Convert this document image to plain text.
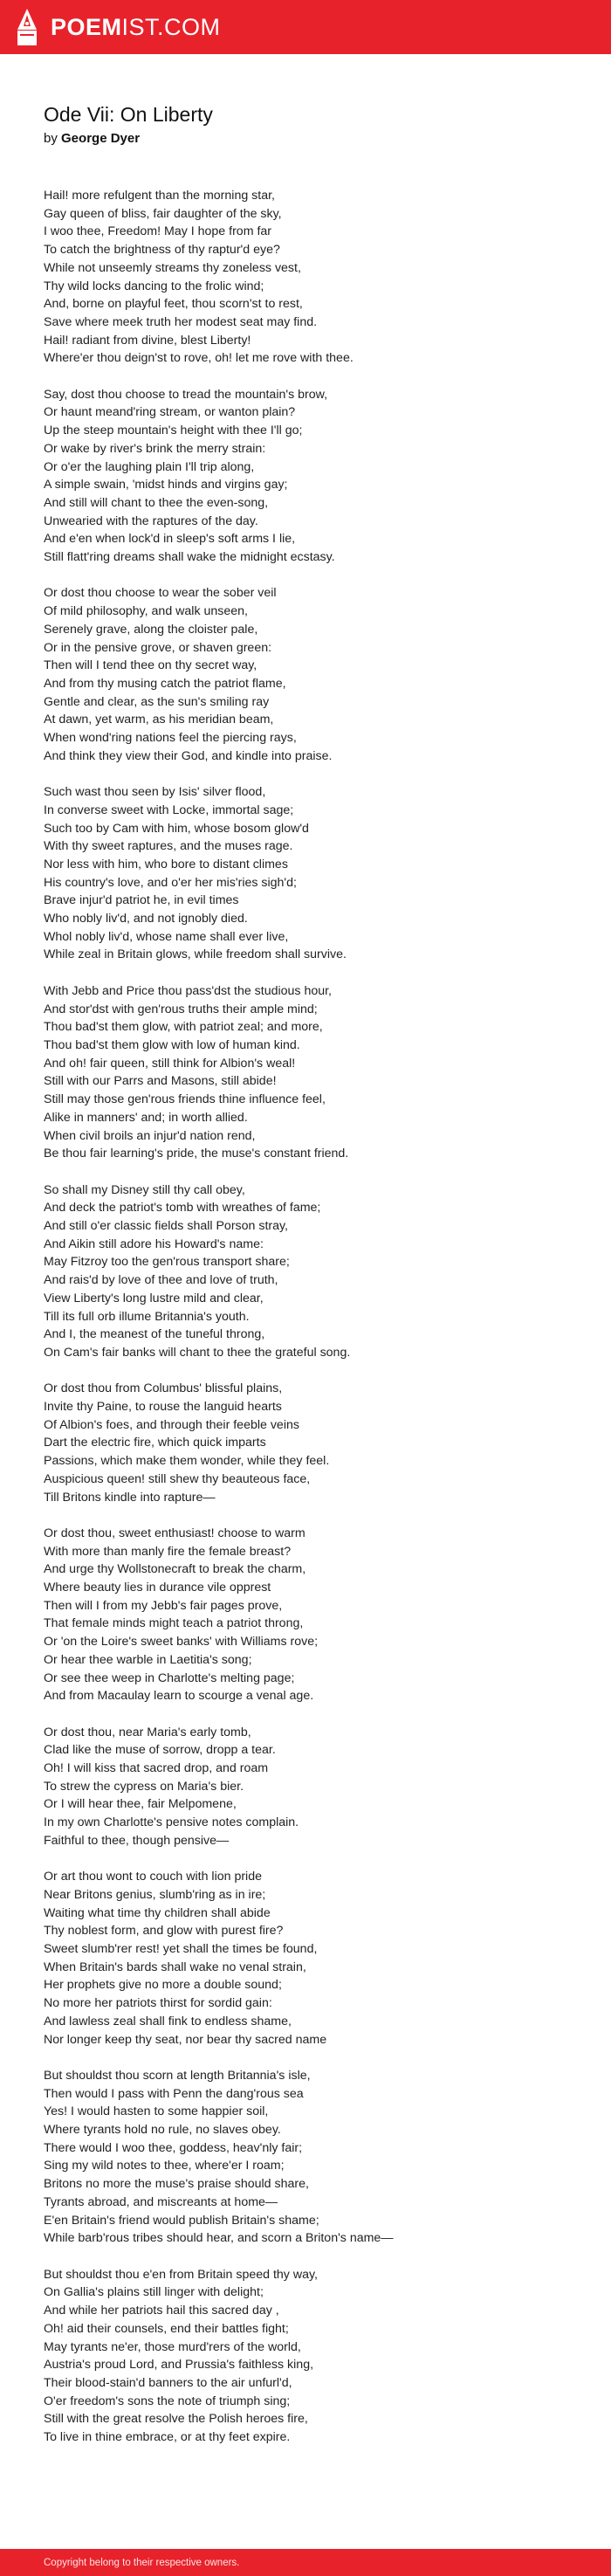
POEMIST.COM
Ode Vii: On Liberty
by George Dyer

Hail! more refulgent than the morning star,
Gay queen of bliss, fair daughter of the sky,
I woo thee, Freedom! May I hope from far
To catch the brightness of thy raptur'd eye?
While not unseemly streams thy zoneless vest,
Thy wild locks dancing to the frolic wind;
And, borne on playful feet, thou scorn'st to rest,
Save where meek truth her modest seat may find.
Hail! radiant from divine, blest Liberty!
Where'er thou deign'st to rove, oh! let me rove with thee.

Say, dost thou choose to tread the mountain's brow,
Or haunt meand'ring stream, or wanton plain?
Up the steep mountain's height with thee I'll go;
Or wake by river's brink the merry strain:
Or o'er the laughing plain I'll trip along,
A simple swain, 'midst hinds and virgins gay;
And still will chant to thee the even-song,
Unwearied with the raptures of the day.
And e'en when lock'd in sleep's soft arms I lie,
Still flatt'ring dreams shall wake the midnight ecstasy.

Or dost thou choose to wear the sober veil
Of mild philosophy, and walk unseen,
Serenely grave, along the cloister pale,
Or in the pensive grove, or shaven green:
Then will I tend thee on thy secret way,
And from thy musing catch the patriot flame,
Gentle and clear, as the sun's smiling ray
At dawn, yet warm, as his meridian beam,
When wond'ring nations feel the piercing rays,
And think they view their God, and kindle into praise.

Such wast thou seen by Isis' silver flood,
In converse sweet with Locke, immortal sage;
Such too by Cam with him, whose bosom glow'd
With thy sweet raptures, and the muses rage.
Nor less with him, who bore to distant climes
His country's love, and o'er her mis'ries sigh'd;
Brave injur'd patriot he, in evil times
Who nobly liv'd, and not ignobly died.
Whol nobly liv'd, whose name shall ever live,
While zeal in Britain glows, while freedom shall survive.

With Jebb and Price thou pass'dst the studious hour,
And stor'dst with gen'rous truths their ample mind;
Thou bad'st them glow, with patriot zeal; and more,
Thou bad'st them glow with low of human kind.
And oh! fair queen, still think for Albion's weal!
Still with our Parrs and Masons, still abide!
Still may those gen'rous friends thine influence feel,
Alike in manners' and; in worth allied.
When civil broils an injur'd nation rend,
Be thou fair learning's pride, the muse's constant friend.

So shall my Disney still thy call obey,
And deck the patriot's tomb with wreathes of fame;
And still o'er classic fields shall Porson stray,
And Aikin still adore his Howard's name:
May Fitzroy too the gen'rous transport share;
And rais'd by love of thee and love of truth,
View Liberty's long lustre mild and clear,
Till its full orb illume Britannia's youth.
And I, the meanest of the tuneful throng,
On Cam's fair banks will chant to thee the grateful song.

Or dost thou from Columbus' blissful plains,
Invite thy Paine, to rouse the languid hearts
Of Albion's foes, and through their feeble veins
Dart the electric fire, which quick imparts
Passions, which make them wonder, while they feel.
Auspicious queen! still shew thy beauteous face,
Till Britons kindle into rapture—

Or dost thou, sweet enthusiast! choose to warm
With more than manly fire the female breast?
And urge thy Wollstonecraft to break the charm,
Where beauty lies in durance vile opprest
Then will I from my Jebb's fair pages prove,
That female minds might teach a patriot throng,
Or 'on the Loire's sweet banks' with Williams rove;
Or hear thee warble in Laetitia's song;
Or see thee weep in Charlotte's melting page;
And from Macaulay learn to scourge a venal age.

Or dost thou, near Maria's early tomb,
Clad like the muse of sorrow, dropp a tear.
Oh! I will kiss that sacred drop, and roam
To strew the cypress on Maria's bier.
Or I will hear thee, fair Melpomene,
In my own Charlotte's pensive notes complain.
Faithful to thee, though pensive—

Or art thou wont to couch with lion pride
Near Britons genius, slumb'ring as in ire;
Waiting what time thy children shall abide
Thy noblest form, and glow with purest fire?
Sweet slumb'rer rest! yet shall the times be found,
When Britain's bards shall wake no venal strain,
Her prophets give no more a double sound;
No more her patriots thirst for sordid gain:
And lawless zeal shall fink to endless shame,
Nor longer keep thy seat, nor bear thy sacred name

But shouldst thou scorn at length Britannia's isle,
Then would I pass with Penn the dang'rous sea
Yes! I would hasten to some happier soil,
Where tyrants hold no rule, no slaves obey.
There would I woo thee, goddess, heav'nly fair;
Sing my wild notes to thee, where'er I roam;
Britons no more the muse's praise should share,
Tyrants abroad, and miscreants at home—
E'en Britain's friend would publish Britain's shame;
While barb'rous tribes should hear, and scorn a Briton's name—

But shouldst thou e'en from Britain speed thy way,
On Gallia's plains still linger with delight;
And while her patriots hail this sacred day ,
Oh! aid their counsels, end their battles fight;
May tyrants ne'er, those murd'rers of the world,
Austria's proud Lord, and Prussia's faithless king,
Their blood-stain'd banners to the air unfurl'd,
O'er freedom's sons the note of triumph sing;
Still with the great resolve the Polish heroes fire,
To live in thine embrace, or at thy feet expire.

Copyright belong to their respective owners.
